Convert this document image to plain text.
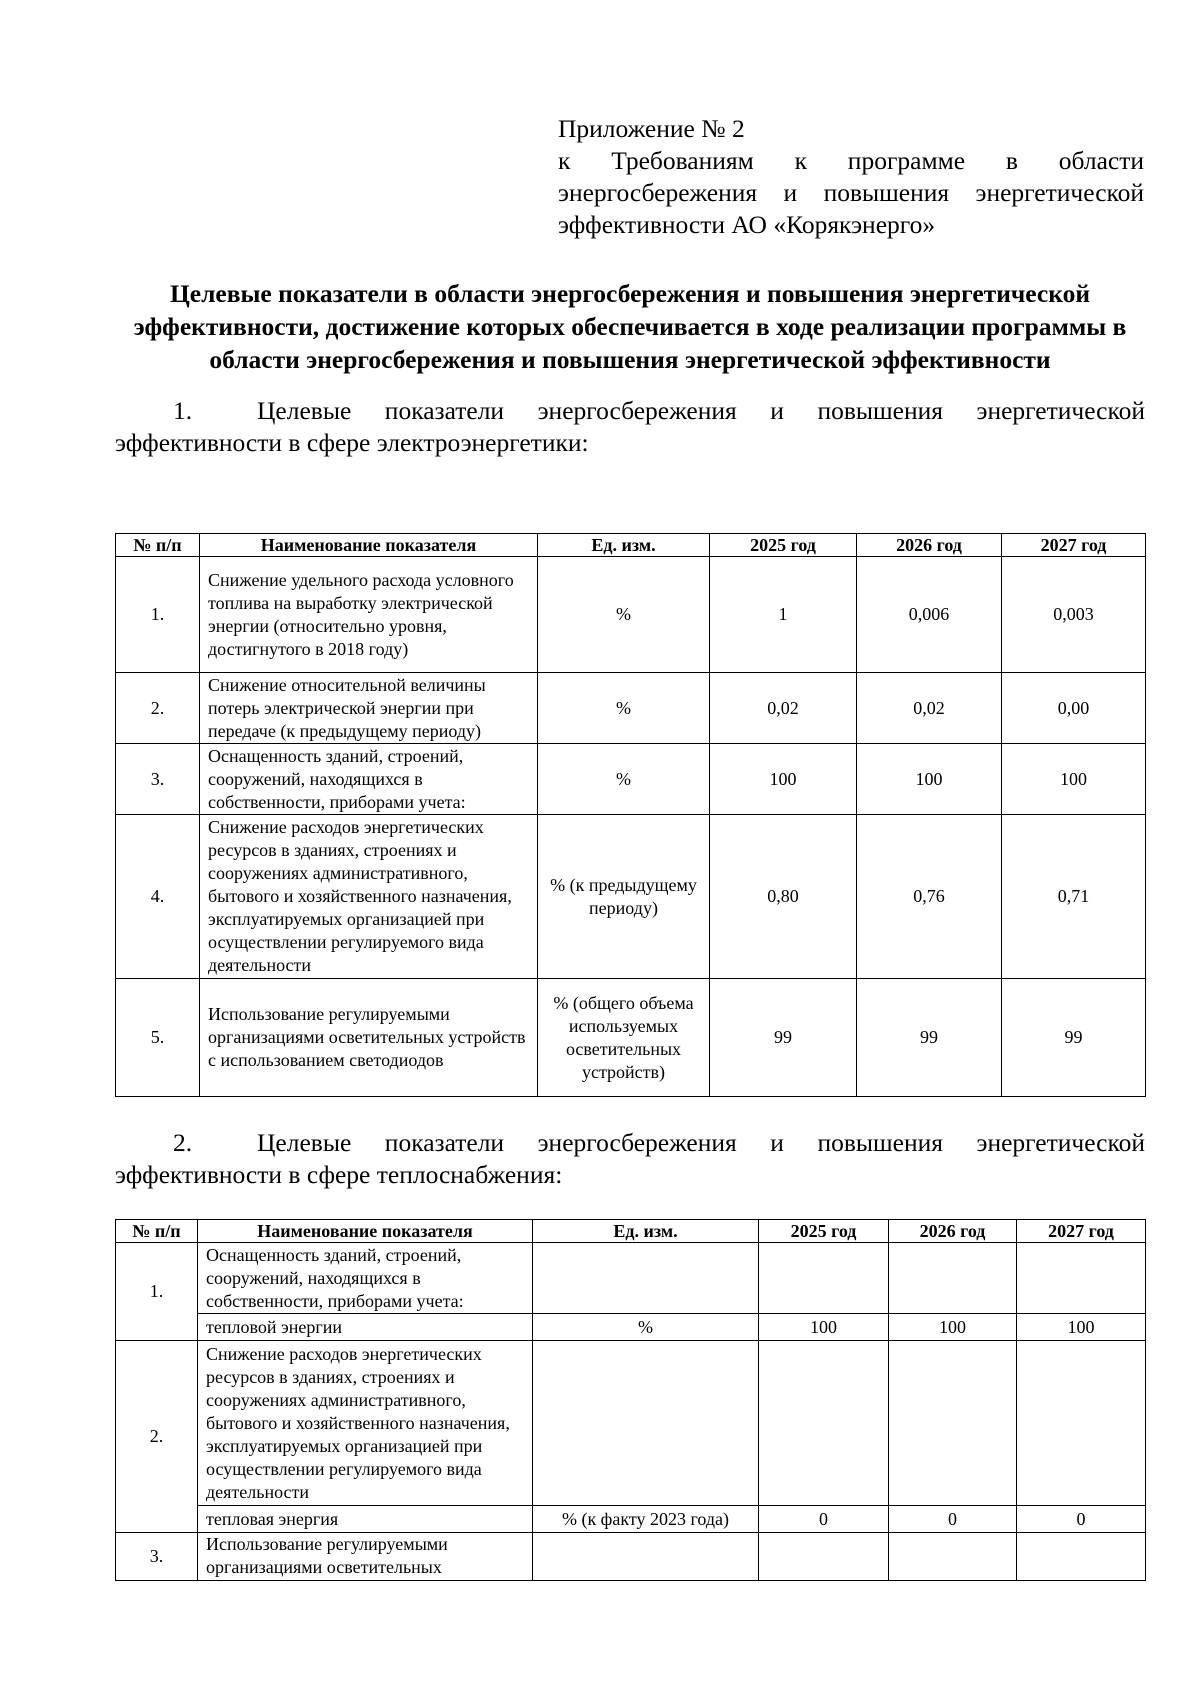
Приложение № 2
к Требованиям к программе в области энергосбережения и повышения энергетической эффективности АО «Корякэнерго»
Целевые показатели в области энергосбережения и повышения энергетической эффективности, достижение которых обеспечивается в ходе реализации программы в области энергосбережения и повышения энергетической эффективности
1.	Целевые показатели энергосбережения и повышения энергетической эффективности в сфере электроэнергетики:
№ п/п	Наименование показателя	Ед. изм.	2025 год	2026 год	2027 год
1.	Снижение удельного расхода условного топлива на выработку электрической энергии (относительно уровня, достигнутого в 2018 году)	%	1	0,006	0,003
2.	Снижение относительной величины потерь электрической энергии при передаче (к предыдущему периоду)	%	0,02	0,02	0,00
3.	Оснащенность зданий, строений, сооружений, находящихся в собственности, приборами учета:	%	100	100	100
4.	Снижение расходов энергетических ресурсов в зданиях, строениях и сооружениях административного, бытового и хозяйственного назначения, эксплуатируемых организацией при осуществлении регулируемого вида деятельности	% (к предыдущему периоду)	0,80	0,76	0,71
5.	Использование регулируемыми организациями осветительных устройств с использованием светодиодов	% (общего объема используемых осветительных устройств)	99	99	99
2.	Целевые показатели энергосбережения и повышения энергетической эффективности в сфере теплоснабжения:
№ п/п	Наименование показателя	Ед. изм.	2025 год	2026 год	2027 год
1.	Оснащенность зданий, строений, сооружений, находящихся в собственности, приборами учета:				
	тепловой энергии	%	100	100	100
2.	Снижение расходов энергетических ресурсов в зданиях, строениях и сооружениях административного, бытового и хозяйственного назначения, эксплуатируемых организацией при осуществлении регулируемого вида деятельности				
	тепловая энергия	% (к факту 2023 года)	0	0	0
3.	Использование регулируемыми организациями осветительных				
